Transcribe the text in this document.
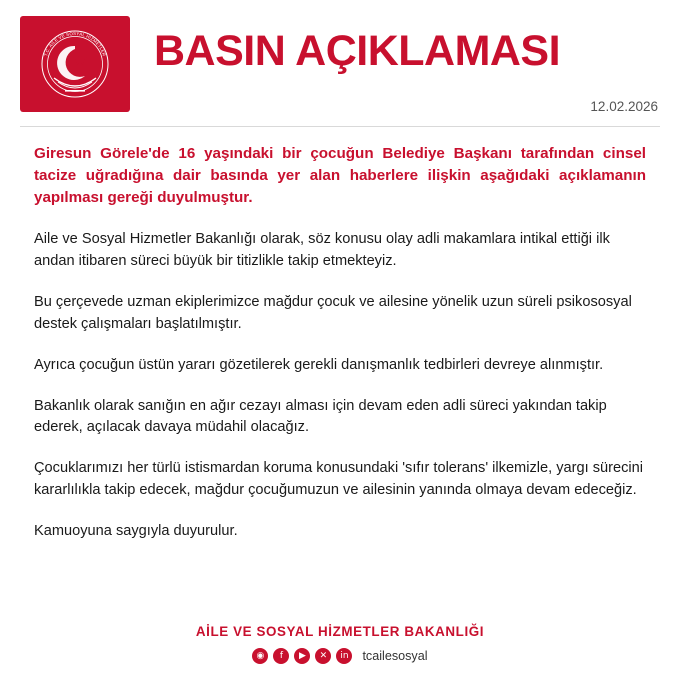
T.C. AİLE VE SOSYAL HİZMETLER BASIN AÇIKLAMASI
12.02.2026

Giresun Görele'de 16 yaşındaki bir çocuğun Belediye Başkanı tarafından cinsel tacize uğradığına dair basında yer alan haberlere ilişkin aşağıdaki açıklamanın yapılması gereği duyulmuştur.

Aile ve Sosyal Hizmetler Bakanlığı olarak, söz konusu olay adli makamlara intikal ettiği ilk andan itibaren süreci büyük bir titizlikle takip etmekteyiz.

Bu çerçevede uzman ekiplerimizce mağdur çocuk ve ailesine yönelik uzun süreli psikososyal destek çalışmaları başlatılmıştır.

Ayrıca çocuğun üstün yararı gözetilerek gerekli danışmanlık tedbirleri devreye alınmıştır.

Bakanlık olarak sanığın en ağır cezayı alması için devam eden adli süreci yakından takip ederek, açılacak davaya müdahil olacağız.

Çocuklarımızı her türlü istismardan koruma konusundaki 'sıfır tolerans' ilkemizle, yargı sürecini kararlılıkla takip edecek, mağdur çocuğumuzun ve ailesinin yanında olmaya devam edeceğiz.

Kamuoyuna saygıyla duyurulur.

AİLE VE SOSYAL HİZMETLER BAKANLIĞI
◉	f	▶	✕	in	tcailesosyal
